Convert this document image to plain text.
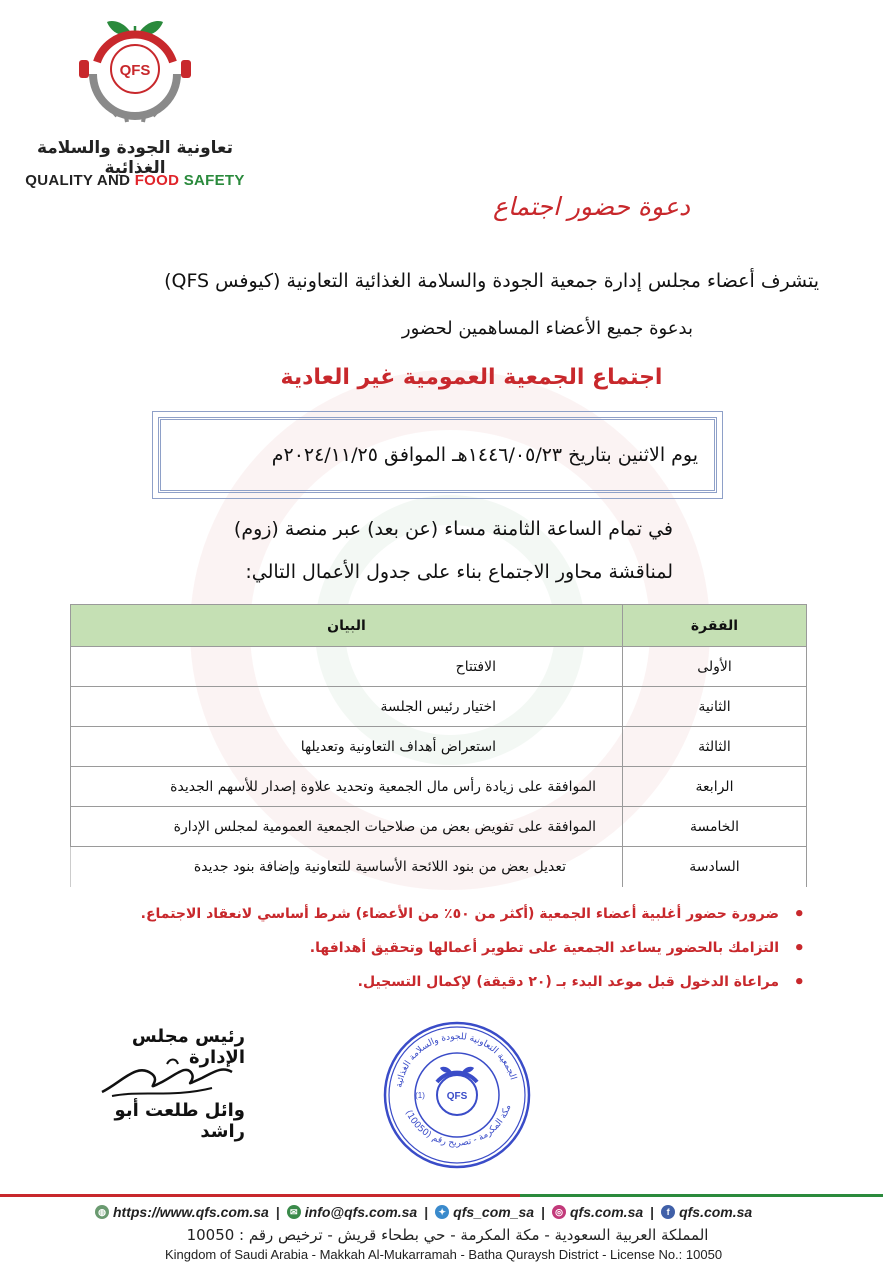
QFS
تعاونية الجودة والسلامة الغذائية
QUALITY AND FOOD SAFETY
دعوة حضور اجتماع
يتشرف أعضاء مجلس إدارة جمعية الجودة والسلامة الغذائية التعاونية (كيوفس QFS)
بدعوة جميع الأعضاء المساهمين لحضور
اجتماع الجمعية العمومية غير العادية
يوم الاثنين بتاريخ ١٤٤٦/٠٥/٢٣هـ الموافق ٢٠٢٤/١١/٢٥م
في تمام الساعة الثامنة مساء (عن بعد) عبر منصة (زوم)
لمناقشة محاور الاجتماع بناء على جدول الأعمال التالي:
الفقرة	البيان
الأولى	الافتتاح
الثانية	اختيار رئيس الجلسة
الثالثة	استعراض أهداف التعاونية وتعديلها
الرابعة	الموافقة على زيادة رأس مال الجمعية وتحديد علاوة إصدار للأسهم الجديدة
الخامسة	الموافقة على تفويض بعض من صلاحيات الجمعية العمومية لمجلس الإدارة
السادسة	تعديل بعض من بنود اللائحة الأساسية للتعاونية وإضافة بنود جديدة
• ضرورة حضور أغلبية أعضاء الجمعية (أكثر من ٥٠٪ من الأعضاء) شرط أساسي لانعقاد الاجتماع.
• التزامك بالحضور يساعد الجمعية على تطوير أعمالها وتحقيق أهدافها.
• مراعاة الدخول قبل موعد البدء بـ (٢٠ دقيقة) لإكمال التسجيل.
رئيس مجلس الإدارة
وائل طلعت أبو راشد
الجمعية التعاونية للجودة والسلامة الغذائية
مكة المكرمة - تصريح رقم (10050)
QFS
(1)
◍ https://www.qfs.com.sa |	✉ info@qfs.com.sa |	✦ qfs_com_sa |	◎ qfs.com.sa |	f qfs.com.sa
المملكة العربية السعودية - مكة المكرمة - حي بطحاء قريش - ترخيص رقم : 10050
Kingdom of Saudi Arabia - Makkah Al-Mukarramah - Batha Quraysh District - License No.: 10050
